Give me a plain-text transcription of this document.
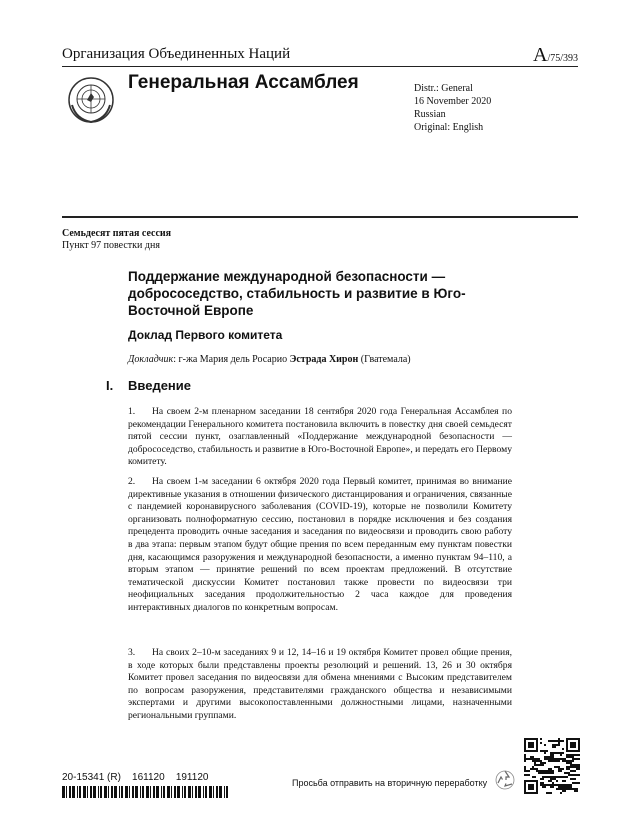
Организация Объединенных Наций	A/75/393
Генеральная Ассамблея	Distr.: General
16 November 2020
Russian
Original: English
Семьдесят пятая сессия
Пункт 97 повестки дня
Поддержание международной безопасности — добрососедство, стабильность и развитие в Юго-Восточной Европе
Доклад Первого комитета
Докладчик: г-жа Мария дель Росарио Эстрада Хирон (Гватемала)
I. Введение
1. На своем 2-м пленарном заседании 18 сентября 2020 года Генеральная Ассамблея по рекомендации Генерального комитета постановила включить в повестку дня своей семьдесят пятой сессии пункт, озаглавленный «Поддержание международной безопасности — добрососедство, стабильность и развитие в Юго-Восточной Европе», и передать его Первому комитету.
2. На своем 1-м заседании 6 октября 2020 года Первый комитет, принимая во внимание директивные указания в отношении физического дистанцирования и ограничения, связанные с пандемией коронавирусного заболевания (COVID-19), которые не позволили Комитету организовать полноформатную сессию, постановил в порядке исключения и без создания прецедента проводить очные заседания и заседания по видеосвязи и проводить свою работу в два этапа: первым этапом будут общие прения по всем переданным ему пунктам повестки дня, касающимся разоружения и международной безопасности, а именно пунктам 94–110, а вторым этапом — принятие решений по всем проектам предложений. В отсутствие тематической дискуссии Комитет постановил также провести по видеосвязи три неофициальных заседания продолжительностью 2 часа каждое для проведения интерактивных диалогов по конкретным вопросам.
3. На своих 2–10-м заседаниях 9 и 12, 14–16 и 19 октября Комитет провел общие прения, в ходе которых были представлены проекты резолюций и решений. 13, 26 и 30 октября Комитет провел заседания по видеосвязи для обмена мнениями с Высоким представителем по вопросам разоружения, представителями гражданского общества и независимыми экспертами и другими высокопоставленными должностными лицами, назначенными региональными группами.
20-15341 (R) 161120 191120	Просьба отправить на вторичную переработку
